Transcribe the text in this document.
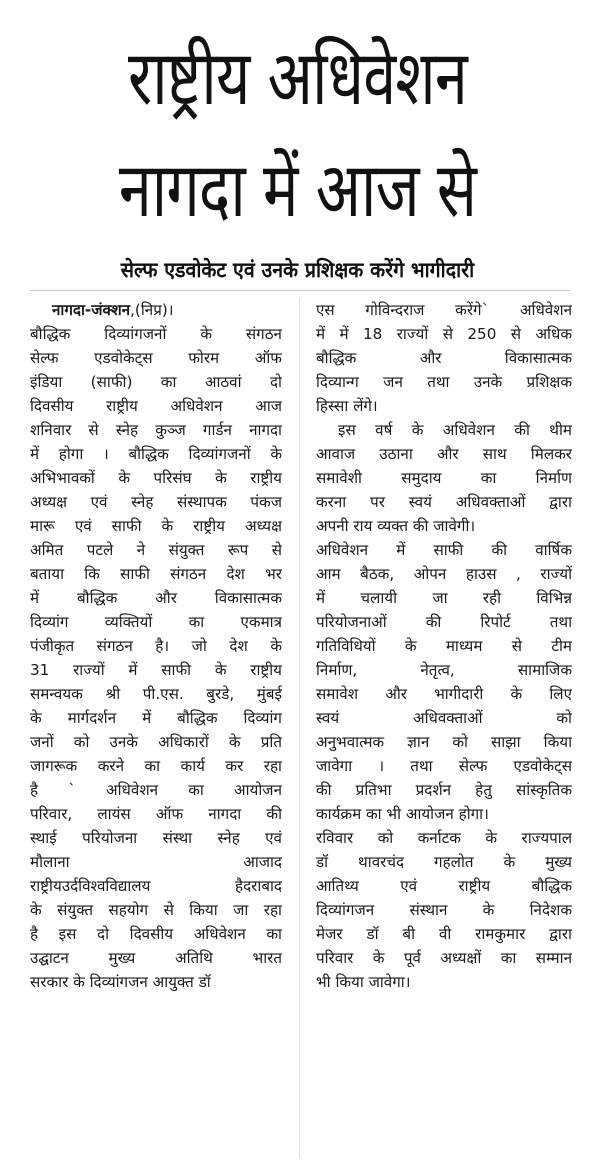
राष्ट्रीय अधिवेशन
नागदा में आज से
सेल्फ एडवोकेट एवं उनके प्रशिक्षक करेंगे भागीदारी
नागदा-जंक्शन,(निप्र)।
बौद्धिक दिव्यांगजनों के संगठन
सेल्फ एडवोकेट्स फोरम ऑफ
इंडिया (साफी) का आठवां दो
दिवसीय राष्ट्रीय अधिवेशन आज
शनिवार से स्नेह कुञ्ज गार्डन नागदा
में होगा । बौद्धिक दिव्यांगजनों के
अभिभावकों के परिसंघ के राष्ट्रीय
अध्यक्ष एवं स्नेह संस्थापक पंकज
मारू एवं साफी के राष्ट्रीय अध्यक्ष
अमित पटले ने संयुक्त रूप से
बताया कि साफी संगठन देश भर
में बौद्धिक और विकासात्मक
दिव्यांग व्यक्तियों का एकमात्र
पंजीकृत संगठन है। जो देश के
31 राज्यों में साफी के राष्ट्रीय
समन्वयक श्री पी.एस. बुरडे, मुंबई
के मार्गदर्शन में बौद्धिक दिव्यांग
जनों को उनके अधिकारों के प्रति
जागरूक करने का कार्य कर रहा
है ` अधिवेशन का आयोजन
परिवार, लायंस ऑफ नागदा की
स्थाई परियोजना संस्था स्नेह एवं
मौलाना आजाद
राष्ट्रीयउर्दविश्वविद्यालय हैदराबाद
के संयुक्त सहयोग से किया जा रहा
है इस दो दिवसीय अधिवेशन का
उद्घाटन मुख्य अतिथि भारत
सरकार के दिव्यांगजन आयुक्त डॉ
एस गोविन्दराज करेंगे` अधिवेशन
में में 18 राज्यों से 250 से अधिक
बौद्धिक और विकासात्मक
दिव्यान्ग जन तथा उनके प्रशिक्षक
हिस्सा लेंगे।
इस वर्ष के अधिवेशन की थीम
आवाज उठाना और साथ मिलकर
समावेशी समुदाय का निर्माण
करना पर स्वयं अधिवक्ताओं द्वारा
अपनी राय व्यक्त की जावेगी।
अधिवेशन में साफी की वार्षिक
आम बैठक, ओपन हाउस , राज्यों
में चलायी जा रही विभिन्न
परियोजनाओं की रिपोर्ट तथा
गतिविधियों के माध्यम से टीम
निर्माण, नेतृत्व, सामाजिक
समावेश और भागीदारी के लिए
स्वयं अधिवक्ताओं को
अनुभवात्मक ज्ञान को साझा किया
जावेगा । तथा सेल्फ एडवोकेट्स
की प्रतिभा प्रदर्शन हेतु सांस्कृतिक
कार्यक्रम का भी आयोजन होगा।
रविवार को कर्नाटक के राज्यपाल
डॉ थावरचंद गहलोत के मुख्य
आतिथ्य एवं राष्ट्रीय बौद्धिक
दिव्यांगजन संस्थान के निदेशक
मेजर डॉ बी वी रामकुमार द्वारा
परिवार के पूर्व अध्यक्षों का सम्मान
भी किया जावेगा।
